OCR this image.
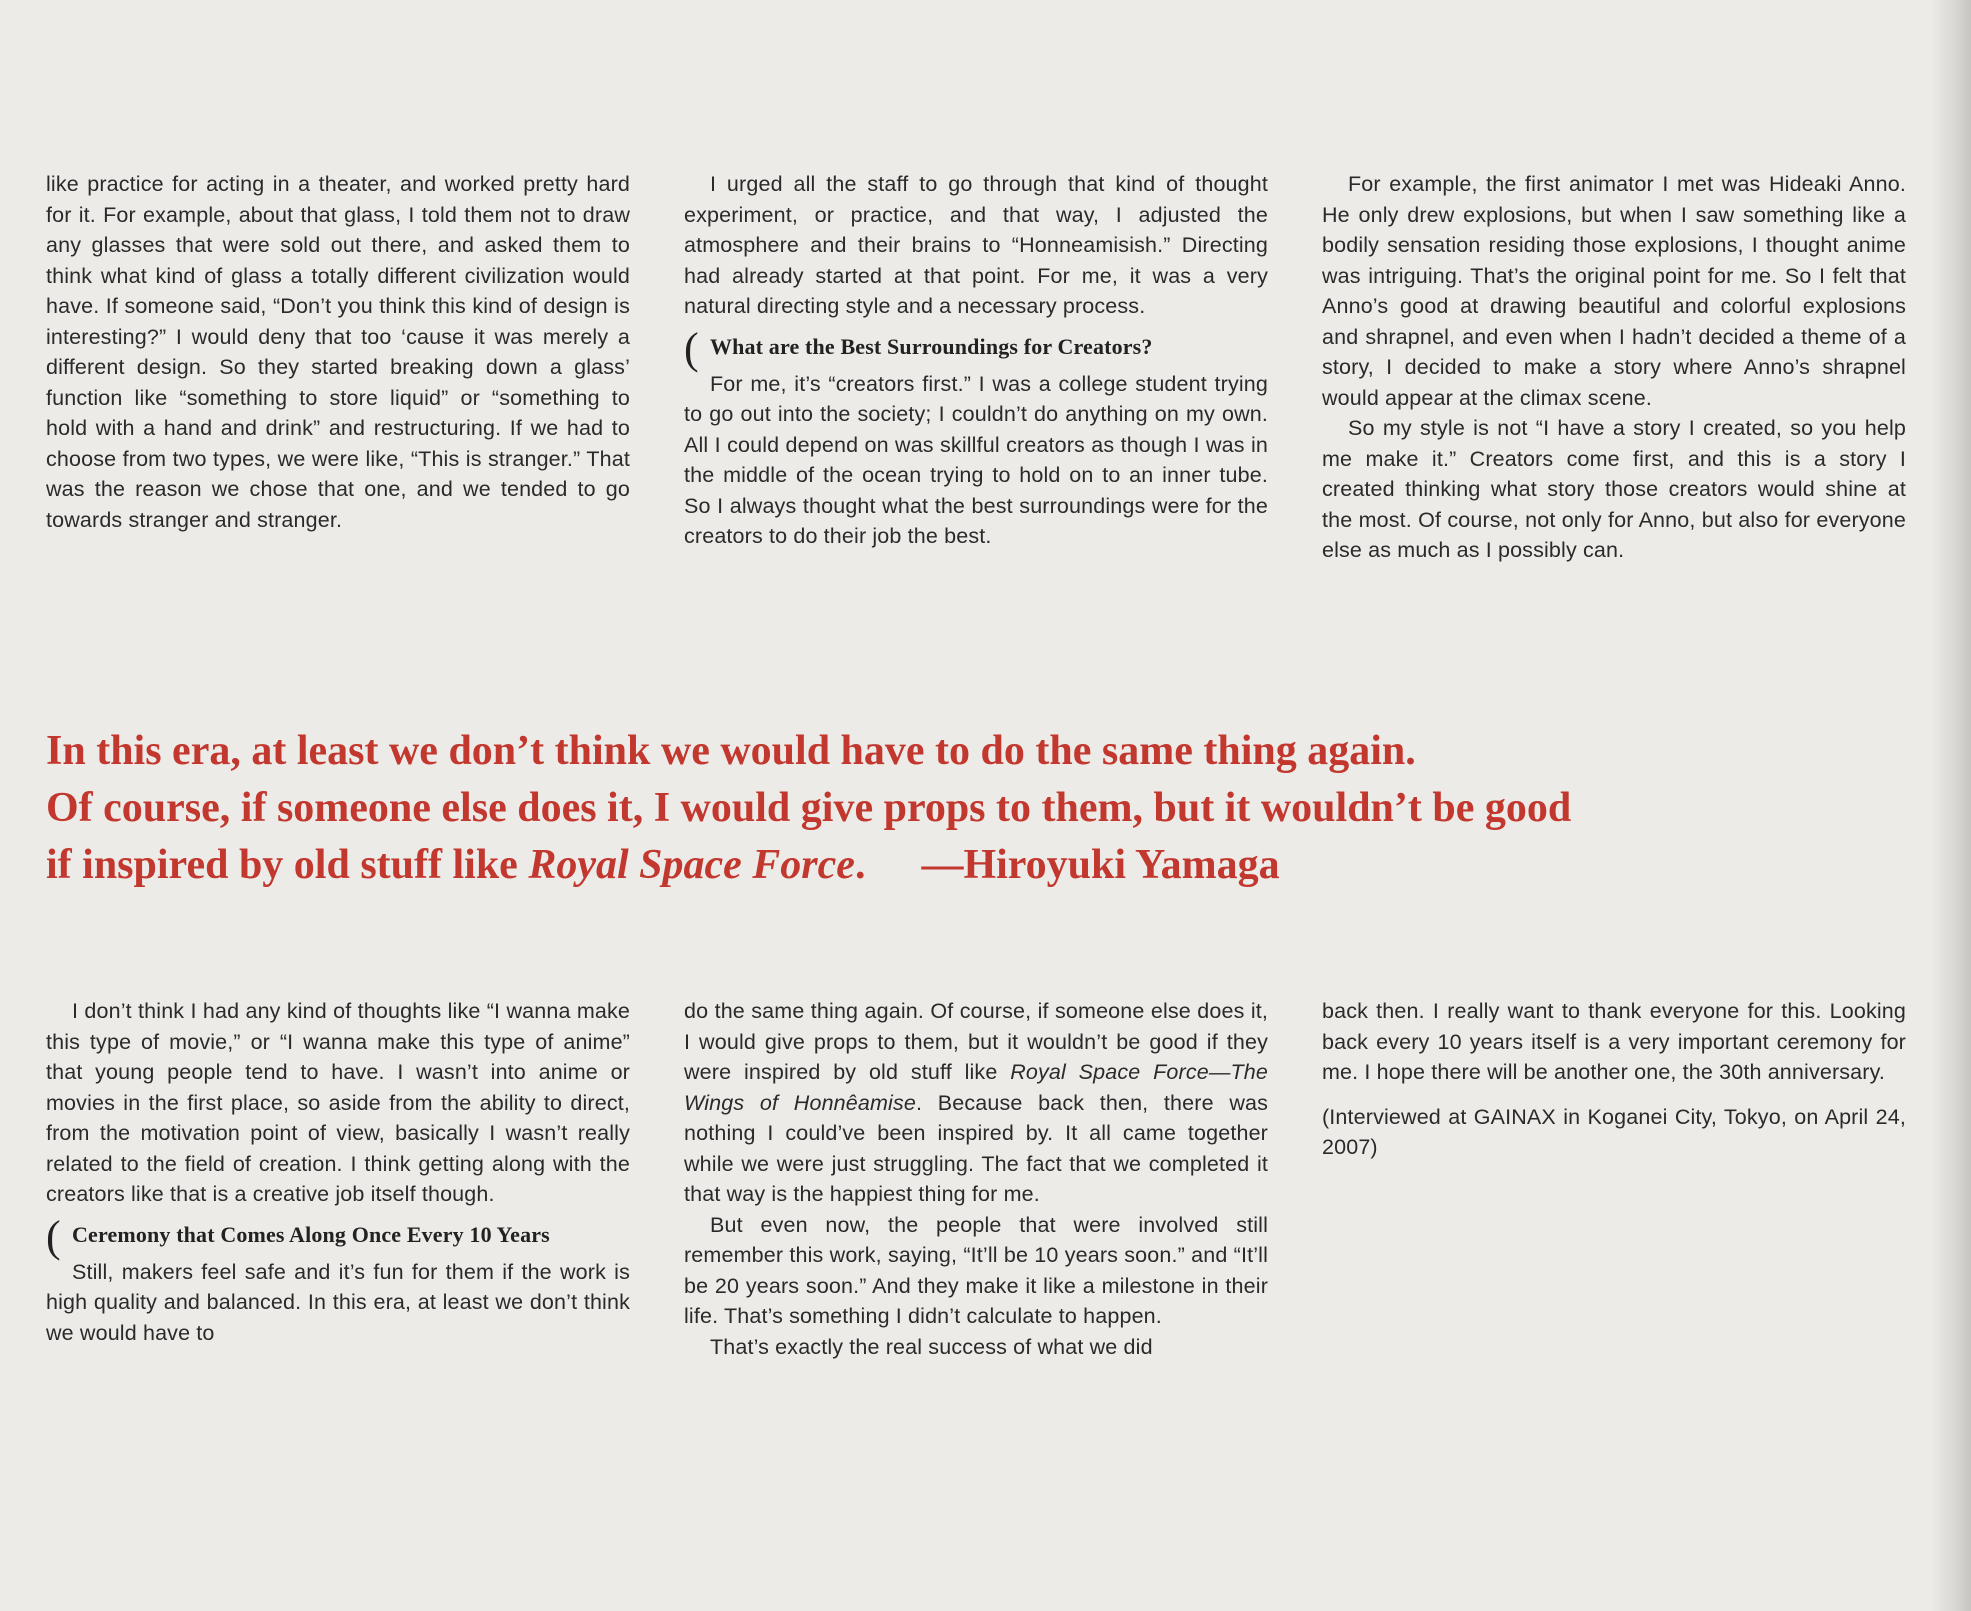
like practice for acting in a theater, and worked pretty hard for it. For example, about that glass, I told them not to draw any glasses that were sold out there, and asked them to think what kind of glass a totally different civilization would have. If someone said, “Don’t you think this kind of design is interesting?” I would deny that too ‘cause it was merely a different design. So they started breaking down a glass’ function like “something to store liquid” or “something to hold with a hand and drink” and restructuring. If we had to choose from two types, we were like, “This is stranger.” That was the reason we chose that one, and we tended to go towards stranger and stranger.

I urged all the staff to go through that kind of thought experiment, or practice, and that way, I adjusted the atmosphere and their brains to “Honneamisish.” Directing had already started at that point. For me, it was a very natural directing style and a necessary process.

( What are the Best Surroundings for Creators?

For me, it’s “creators first.” I was a college student trying to go out into the society; I couldn’t do anything on my own. All I could depend on was skillful creators as though I was in the middle of the ocean trying to hold on to an inner tube. So I always thought what the best surroundings were for the creators to do their job the best.

For example, the first animator I met was Hideaki Anno. He only drew explosions, but when I saw something like a bodily sensation residing those explosions, I thought anime was intriguing. That’s the original point for me. So I felt that Anno’s good at drawing beautiful and colorful explosions and shrapnel, and even when I hadn’t decided a theme of a story, I decided to make a story where Anno’s shrapnel would appear at the climax scene.

So my style is not “I have a story I created, so you help me make it.” Creators come first, and this is a story I created thinking what story those creators would shine at the most. Of course, not only for Anno, but also for everyone else as much as I possibly can.

In this era, at least we don’t think we would have to do the same thing again.
Of course, if someone else does it, I would give props to them, but it wouldn’t be good
if inspired by old stuff like Royal Space Force. —Hiroyuki Yamaga

I don’t think I had any kind of thoughts like “I wanna make this type of movie,” or “I wanna make this type of anime” that young people tend to have. I wasn’t into anime or movies in the first place, so aside from the ability to direct, from the motivation point of view, basically I wasn’t really related to the field of creation. I think getting along with the creators like that is a creative job itself though.

( Ceremony that Comes Along Once Every 10 Years

Still, makers feel safe and it’s fun for them if the work is high quality and balanced. In this era, at least we don’t think we would have to

do the same thing again. Of course, if someone else does it, I would give props to them, but it wouldn’t be good if they were inspired by old stuff like Royal Space Force—The Wings of Honnêamise. Because back then, there was nothing I could’ve been inspired by. It all came together while we were just struggling. The fact that we completed it that way is the happiest thing for me.

But even now, the people that were involved still remember this work, saying, “It’ll be 10 years soon.” and “It’ll be 20 years soon.” And they make it like a milestone in their life. That’s something I didn’t calculate to happen.

That’s exactly the real success of what we did

back then. I really want to thank everyone for this. Looking back every 10 years itself is a very important ceremony for me. I hope there will be another one, the 30th anniversary.

(Interviewed at GAINAX in Koganei City, Tokyo, on April 24, 2007)
